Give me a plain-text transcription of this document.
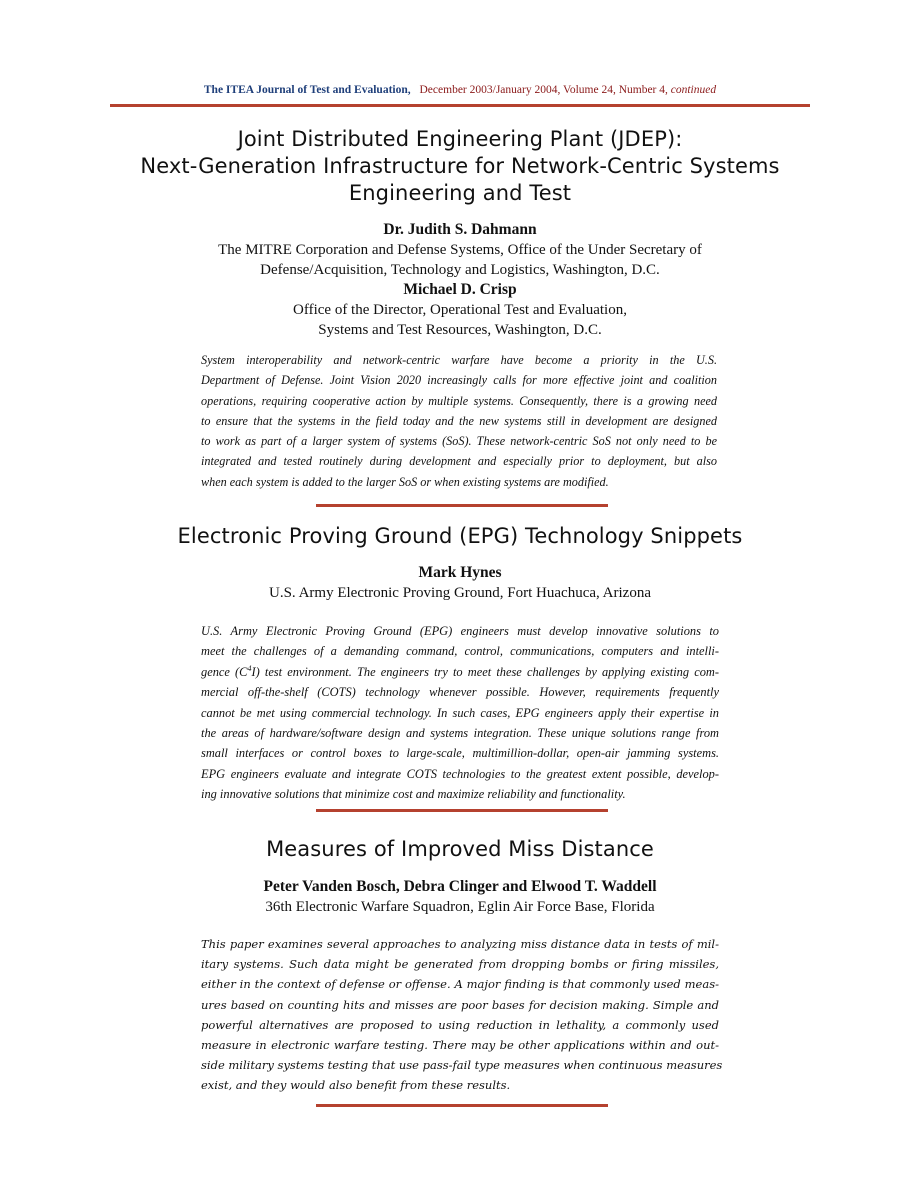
The ITEA Journal of Test and Evaluation, December 2003/January 2004, Volume 24, Number 4, continued
Joint Distributed Engineering Plant (JDEP):
Next-Generation Infrastructure for Network-Centric Systems
Engineering and Test
Dr. Judith S. Dahmann
The MITRE Corporation and Defense Systems, Office of the Under Secretary of
Defense/Acquisition, Technology and Logistics, Washington, D.C.
Michael D. Crisp
Office of the Director, Operational Test and Evaluation,
Systems and Test Resources, Washington, D.C.
System interoperability and network-centric warfare have become a priority in the U.S.
Department of Defense. Joint Vision 2020 increasingly calls for more effective joint and coalition
operations, requiring cooperative action by multiple systems. Consequently, there is a growing need
to ensure that the systems in the field today and the new systems still in development are designed
to work as part of a larger system of systems (SoS). These network-centric SoS not only need to be
integrated and tested routinely during development and especially prior to deployment, but also
when each system is added to the larger SoS or when existing systems are modified.
Electronic Proving Ground (EPG) Technology Snippets
Mark Hynes
U.S. Army Electronic Proving Ground, Fort Huachuca, Arizona
U.S. Army Electronic Proving Ground (EPG) engineers must develop innovative solutions to
meet the challenges of a demanding command, control, communications, computers and intelli-
gence $(C^4I)$ test environment. The engineers try to meet these challenges by applying existing com-
mercial off-the-shelf (COTS) technology whenever possible. However, requirements frequently
cannot be met using commercial technology. In such cases, EPG engineers apply their expertise in
the areas of hardware/software design and systems integration. These unique solutions range from
small interfaces or control boxes to large-scale, multimillion-dollar, open-air jamming systems.
EPG engineers evaluate and integrate COTS technologies to the greatest extent possible, develop-
ing innovative solutions that minimize cost and maximize reliability and functionality.
Measures of Improved Miss Distance
Peter Vanden Bosch, Debra Clinger and Elwood T. Waddell
36th Electronic Warfare Squadron, Eglin Air Force Base, Florida
This paper examines several approaches to analyzing miss distance data in tests of mil-
itary systems. Such data might be generated from dropping bombs or firing missiles,
either in the context of defense or offense. A major finding is that commonly used meas-
ures based on counting hits and misses are poor bases for decision making. Simple and
powerful alternatives are proposed to using reduction in lethality, a commonly used
measure in electronic warfare testing. There may be other applications within and out-
side military systems testing that use pass-fail type measures when continuous measures
exist, and they would also benefit from these results.
